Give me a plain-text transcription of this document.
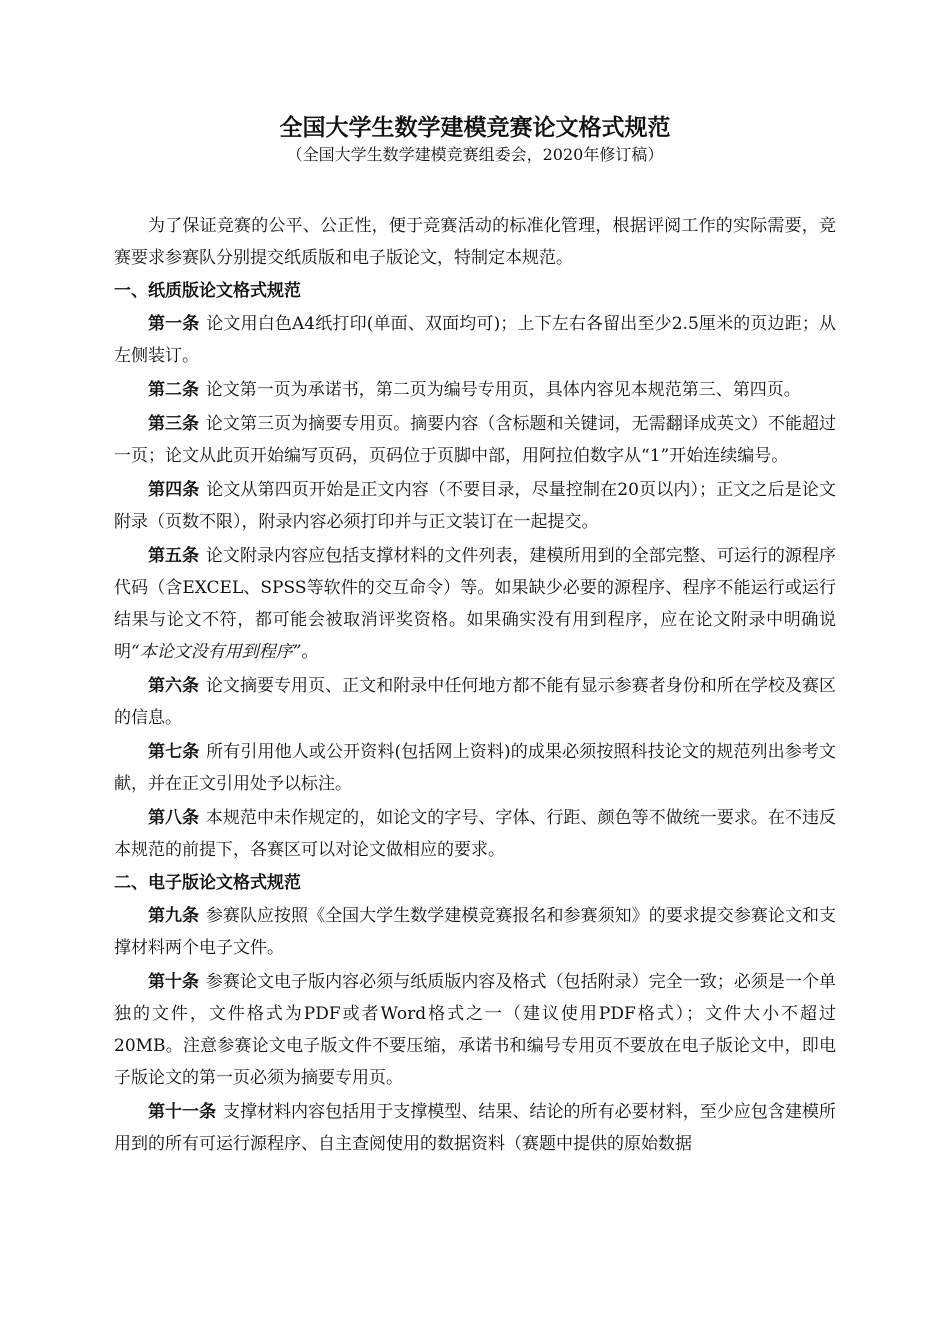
全国大学生数学建模竞赛论文格式规范
（全国大学生数学建模竞赛组委会，2020年修订稿）

为了保证竞赛的公平、公正性，便于竞赛活动的标准化管理，根据评阅工作的实际需要，竞赛要求参赛队分别提交纸质版和电子版论文，特制定本规范。

一、纸质版论文格式规范

第一条 论文用白色A4纸打印(单面、双面均可)；上下左右各留出至少2.5厘米的页边距；从左侧装订。

第二条 论文第一页为承诺书，第二页为编号专用页，具体内容见本规范第三、第四页。

第三条 论文第三页为摘要专用页。摘要内容（含标题和关键词，无需翻译成英文）不能超过一页；论文从此页开始编写页码，页码位于页脚中部，用阿拉伯数字从“1”开始连续编号。

第四条 论文从第四页开始是正文内容（不要目录，尽量控制在20页以内）；正文之后是论文附录（页数不限），附录内容必须打印并与正文装订在一起提交。

第五条 论文附录内容应包括支撑材料的文件列表，建模所用到的全部完整、可运行的源程序代码（含EXCEL、SPSS等软件的交互命令）等。如果缺少必要的源程序、程序不能运行或运行结果与论文不符，都可能会被取消评奖资格。如果确实没有用到程序，应在论文附录中明确说明“本论文没有用到程序”。

第六条 论文摘要专用页、正文和附录中任何地方都不能有显示参赛者身份和所在学校及赛区的信息。

第七条 所有引用他人或公开资料(包括网上资料)的成果必须按照科技论文的规范列出参考文献，并在正文引用处予以标注。

第八条 本规范中未作规定的，如论文的字号、字体、行距、颜色等不做统一要求。在不违反本规范的前提下，各赛区可以对论文做相应的要求。

二、电子版论文格式规范

第九条 参赛队应按照《全国大学生数学建模竞赛报名和参赛须知》的要求提交参赛论文和支撑材料两个电子文件。

第十条 参赛论文电子版内容必须与纸质版内容及格式（包括附录）完全一致；必须是一个单独的文件，文件格式为PDF或者Word格式之一（建议使用PDF格式）；文件大小不超过20MB。注意参赛论文电子版文件不要压缩，承诺书和编号专用页不要放在电子版论文中，即电子版论文的第一页必须为摘要专用页。

第十一条 支撑材料内容包括用于支撑模型、结果、结论的所有必要材料，至少应包含建模所用到的所有可运行源程序、自主查阅使用的数据资料（赛题中提供的原始数据
